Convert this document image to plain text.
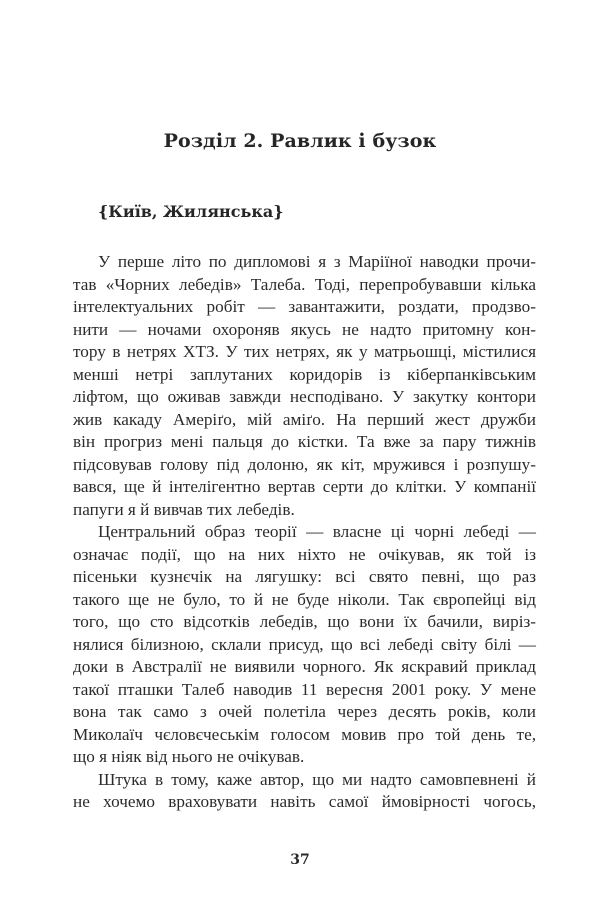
Розділ 2. Равлик і бузок
{Київ, Жилянська}
У перше літо по дипломові я з Маріїної наводки прочи-
тав «Чорних лебедів» Талеба. Тоді, перепробувавши кілька
інтелектуальних робіт — завантажити, роздати, продзво-
нити — ночами охороняв якусь не надто притомну кон-
тору в нетрях ХТЗ. У тих нетрях, як у матрьошці, містилися
менші нетрі заплутаних коридорів із кіберпанківським
ліфтом, що оживав завжди несподівано. У закутку контори
жив какаду Амеріґо, мій аміґо. На перший жест дружби
він прогриз мені пальця до кістки. Та вже за пару тижнів
підсовував голову під долоню, як кіт, мружився і розпушу-
вався, ще й інтелігентно вертав серти до клітки. У компанії
папуги я й вивчав тих лебедів.
Центральний образ теорії — власне ці чорні лебеді —
означає події, що на них ніхто не очікував, як той із
пісеньки кузнєчік на лягушку: всі свято певні, що раз
такого ще не було, то й не буде ніколи. Так європейці від
того, що сто відсотків лебедів, що вони їх бачили, виріз-
нялися білизною, склали присуд, що всі лебеді світу білі —
доки в Австралії не виявили чорного. Як яскравий приклад
такої пташки Талеб наводив 11 вересня 2001 року. У мене
вона так само з очей полетіла через десять років, коли
Миколаїч чєловєчеськім голосом мовив про той день те,
що я ніяк від нього не очікував.
Штука в тому, каже автор, що ми надто самовпевнені й
не хочемо враховувати навіть самої ймовірності чогось,
37
